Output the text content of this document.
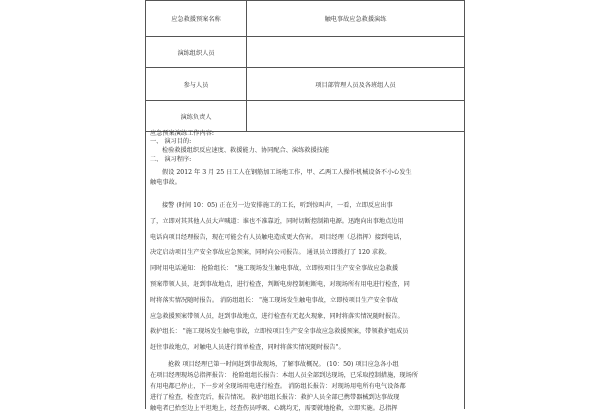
应急救援预案名称	触电事故应急救援演练
演练组织人员	
参与人员	项目部管理人员及各班组人员
演练负责人	
应急预案演练工作内容:
一、 演习目的:
检验救援组织反应速度、救援能力、协同配合、演练救援技能
二、 演习程序:
假设 2012 年 3 月 25 日工人在钢筋加工场地工作，甲、乙两工人操作机械设备不小心发生
触电事故。
接警 (时间 10：05) 正在另一边安排施工的工长，听到惊叫声，一看，立即反应出事
了，立即对其其他人员大声喊道：谁也不准靠近，同时切断控制箱电源。迅跑向出事地点边用
电话向项目经理报告，现在可能会有人员触电造成更大伤害。 项目经理（总指挥）接到电话，
决定启动项目生产安全事故应急预案，同时向公司报告。 通讯员立即拨打了 120 求救。
同时用电话通知： 抢险组长： "施工现场发生触电事故，立即按项目生产安全事故应急救援
预案带领人员，赶到事故地点，进行检查，判断电房控制柜断电，对现场所有用电进行检查，同
时将落实情况随时报告。 消防组组长： "施工现场发生触电事故，立即按项目生产安全事故
应急救援预案带领人员，赶到事故地点，进行检查有无起火现象，同时将落实情况随时报告。
救护组长： "施工现场发生触电事故，立即按项目生产安全事故应急救援预案，带领救护组成员
赶往事故地点，对触电人员进行简单检查，同时将落实情况随时报告"。
抢救 项目经理已第一时间赶到事故现场，了解事故概况。 (10：50) 项目应急各小组
在项目经理现场总指挥报告： 抢险组组长报告：本组人员全部到达现场，已采取控制措施，现场所
有用电都已停止，下一步对全现场用电进行检查。 消防组长报告：对现场用电所有电气设备都
进行了检查，检查完后，报告情况。 救护组组长报告：救护人员全部已携带器械到达事故现
触电者已抬至边上平坦地上，经查伤员呼吸、心跳均无，需要就地抢救，立即实施。总指挥
